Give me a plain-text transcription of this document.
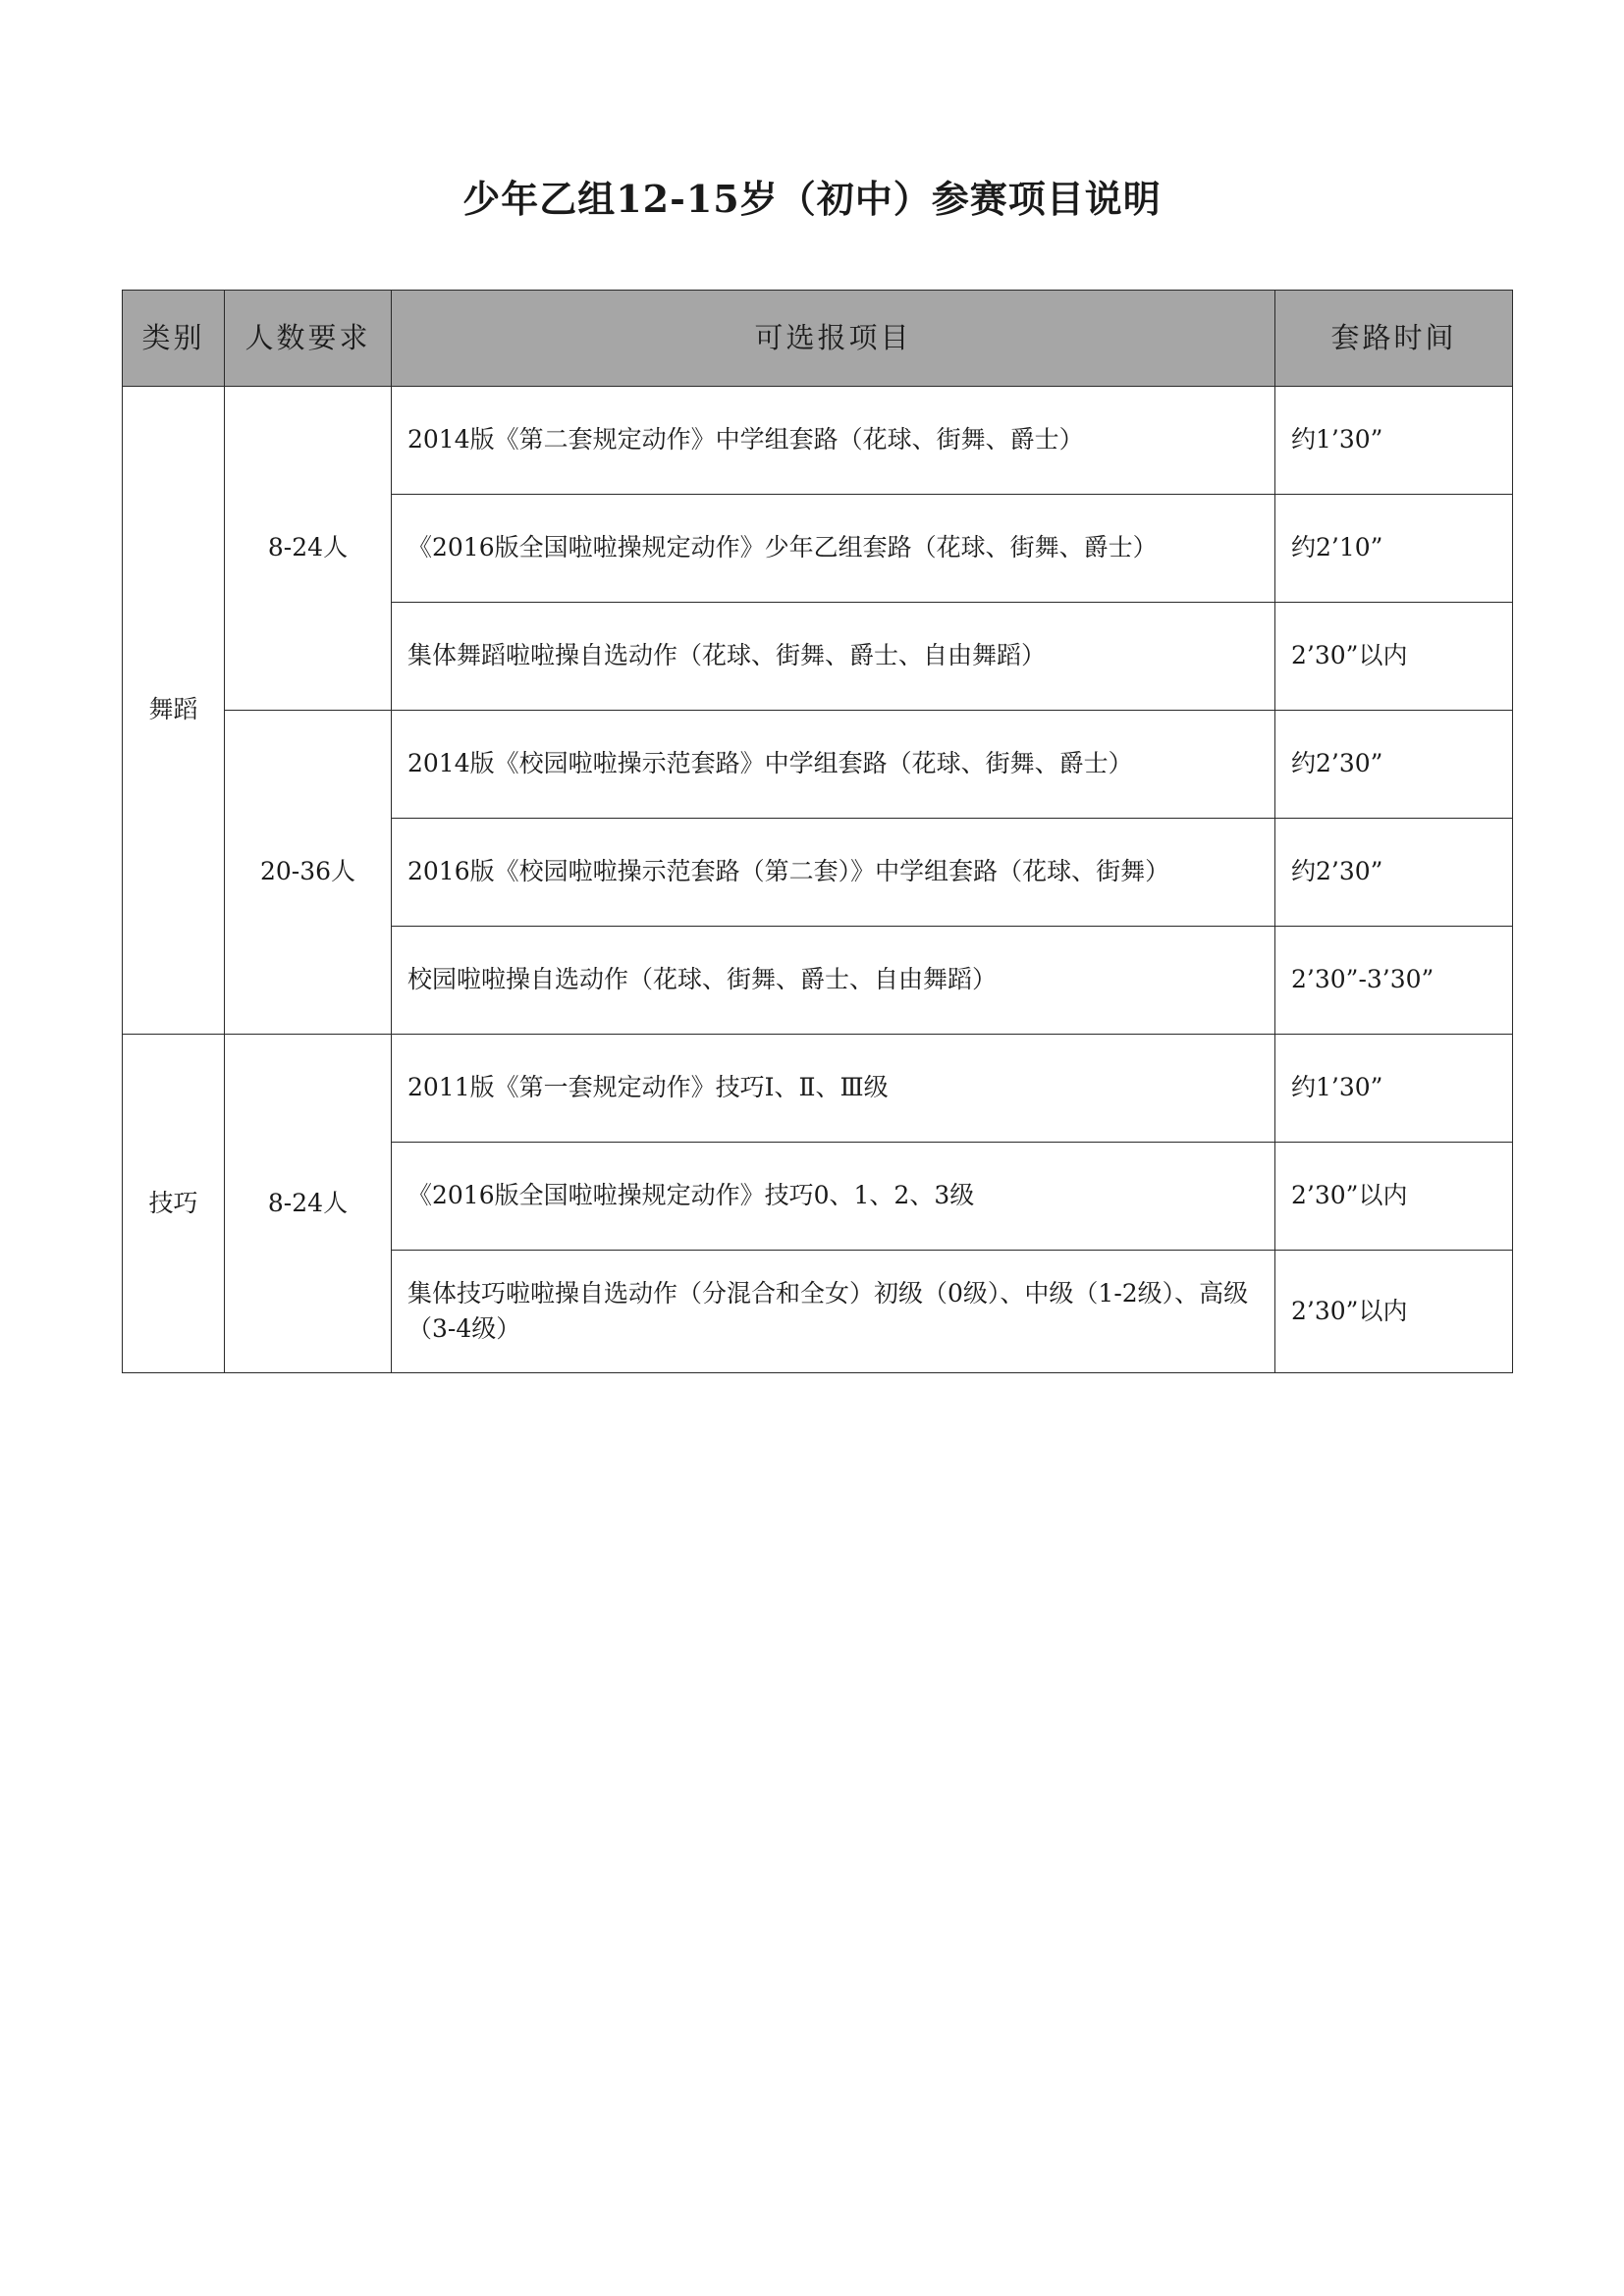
少年乙组12-15岁（初中）参赛项目说明
类别	人数要求	可选报项目	套路时间
舞蹈	8-24人	2014版《第二套规定动作》中学组套路（花球、街舞、爵士）	约1’30”
		《2016版全国啦啦操规定动作》少年乙组套路（花球、街舞、爵士）	约2’10”
		集体舞蹈啦啦操自选动作（花球、街舞、爵士、自由舞蹈）	2’30”以内
	20-36人	2014版《校园啦啦操示范套路》中学组套路（花球、街舞、爵士）	约2’30”
		2016版《校园啦啦操示范套路（第二套）》中学组套路（花球、街舞）	约2’30”
		校园啦啦操自选动作（花球、街舞、爵士、自由舞蹈）	2’30”-3’30”
技巧	8-24人	2011版《第一套规定动作》技巧Ⅰ、Ⅱ、Ⅲ级	约1’30”
		《2016版全国啦啦操规定动作》技巧0、1、2、3级	2’30”以内
		集体技巧啦啦操自选动作（分混合和全女）初级（0级）、中级（1-2级）、高级（3-4级）	2’30”以内
